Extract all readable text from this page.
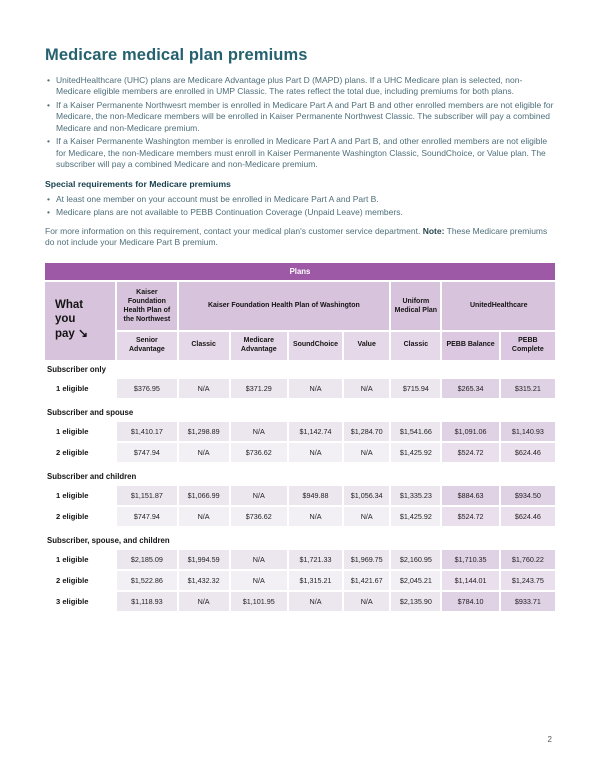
Medicare medical plan premiums
• UnitedHealthcare (UHC) plans are Medicare Advantage plus Part D (MAPD) plans. If a UHC Medicare plan is selected, non-Medicare eligible members are enrolled in UMP Classic. The rates reflect the total due, including premiums for both plans.
• If a Kaiser Permanente Northwesrt member is enrolled in Medicare Part A and Part B and other enrolled members are not eligible for Medicare, the non-Medicare members will be enrolled in Kaiser Permanente Northwest Classic. The subscriber will pay a combined Medicare and non-Medicare premium.
• If a Kaiser Permanente Washington member is enrolled in Medicare Part A and Part B, and other enrolled members are not eligible for Medicare, the non-Medicare members must enroll in Kaiser Permanente Washington Classic, SoundChoice, or Value plan. The subscriber will pay a combined Medicare and non-Medicare premium.
Special requirements for Medicare premiums
• At least one member on your account must be enrolled in Medicare Part A and Part B.
• Medicare plans are not available to PEBB Continuation Coverage (Unpaid Leave) members.

For more information on this requirement, contact your medical plan's customer service department. Note: These Medicare premiums do not include your Medicare Part B premium.

Plans								
What you pay ↘	Kaiser Foundation Health Plan of the Northwest	Kaiser Foundation Health Plan of Washington				Uniform Medical Plan	UnitedHealthcare	
	Senior Advantage	Classic	Medicare Advantage	SoundChoice	Value	Classic	PEBB Balance	PEBB Complete
Subscriber only								
1 eligible	$376.95	N/A	$371.29	N/A	N/A	$715.94	$265.34	$315.21
Subscriber and spouse								
1 eligible	$1,410.17	$1,298.89	N/A	$1,142.74	$1,284.70	$1,541.66	$1,091.06	$1,140.93
2 eligible	$747.94	N/A	$736.62	N/A	N/A	$1,425.92	$524.72	$624.46
Subscriber and children								
1 eligible	$1,151.87	$1,066.99	N/A	$949.88	$1,056.34	$1,335.23	$884.63	$934.50
2 eligible	$747.94	N/A	$736.62	N/A	N/A	$1,425.92	$524.72	$624.46
Subscriber, spouse, and children								
1 eligible	$2,185.09	$1,994.59	N/A	$1,721.33	$1,969.75	$2,160.95	$1,710.35	$1,760.22
2 eligible	$1,522.86	$1,432.32	N/A	$1,315.21	$1,421.67	$2,045.21	$1,144.01	$1,243.75
3 eligible	$1,118.93	N/A	$1,101.95	N/A	N/A	$2,135.90	$784.10	$933.71
2
